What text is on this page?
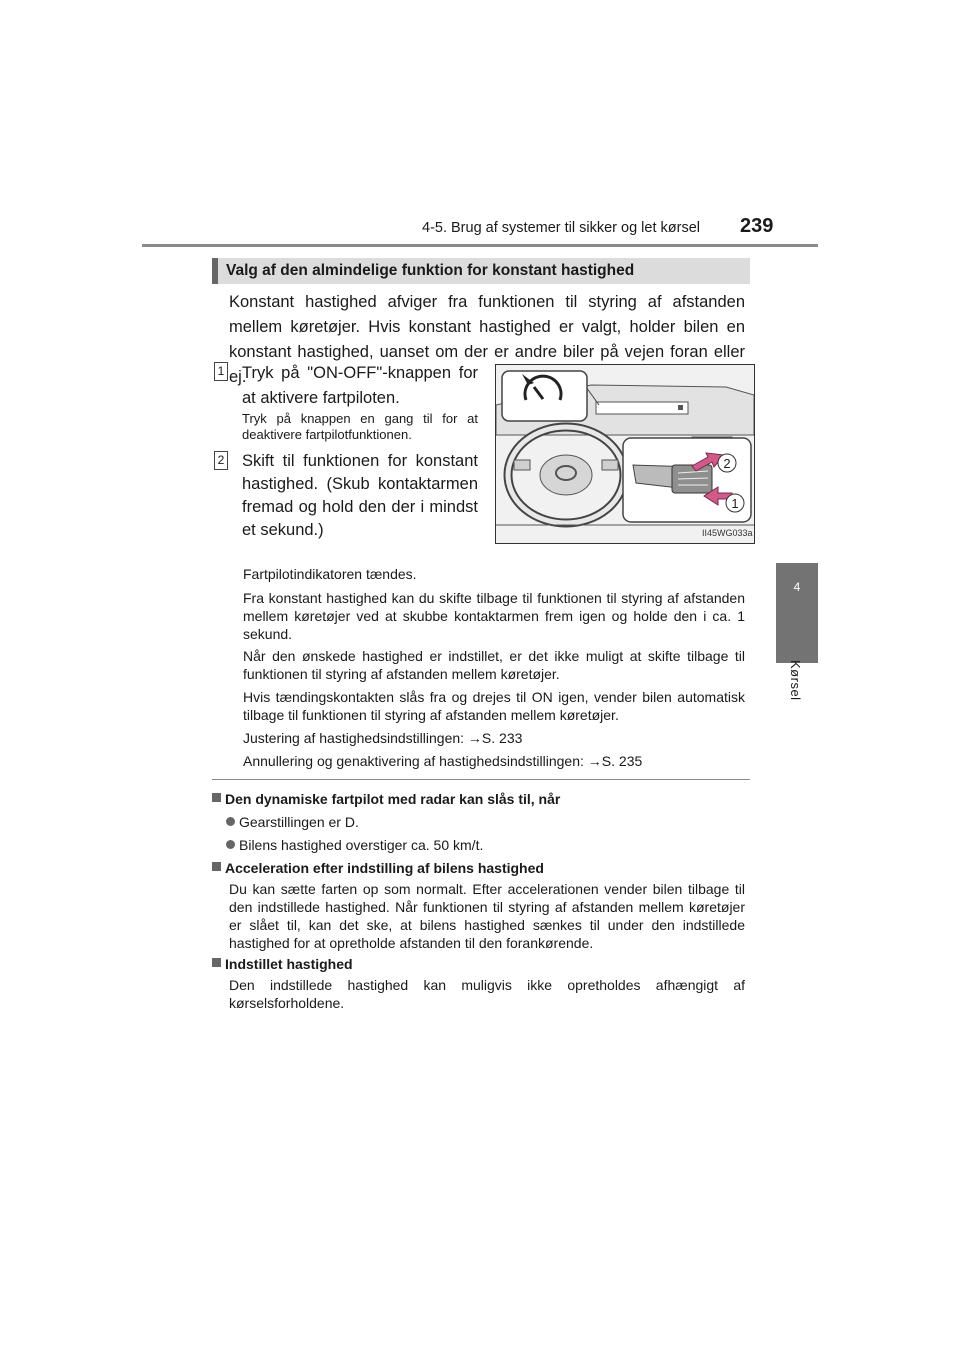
4-5. Brug af systemer til sikker og let kørsel 239
4
Kørsel
Valg af den almindelige funktion for konstant hastighed
Konstant hastighed afviger fra funktionen til styring af afstanden mellem køretøjer. Hvis konstant hastighed er valgt, holder bilen en konstant hastighed, uanset om der er andre biler på vejen foran eller ej.
1 Tryk på "ON-OFF"-knappen for at aktivere fartpiloten.
Tryk på knappen en gang til for at deaktivere fartpilotfunktionen.
2 Skift til funktionen for konstant hastighed. (Skub kontaktarmen fremad og hold den der i mindst et sekund.)
2
1
II45WG033a
Fartpilotindikatoren tændes.
Fra konstant hastighed kan du skifte tilbage til funktionen til styring af afstanden mellem køretøjer ved at skubbe kontaktarmen frem igen og holde den i ca. 1 sekund.
Når den ønskede hastighed er indstillet, er det ikke muligt at skifte tilbage til funktionen til styring af afstanden mellem køretøjer.
Hvis tændingskontakten slås fra og drejes til ON igen, vender bilen automatisk tilbage til funktionen til styring af afstanden mellem køretøjer.
Justering af hastighedsindstillingen: →S. 233
Annullering og genaktivering af hastighedsindstillingen: →S. 235
Den dynamiske fartpilot med radar kan slås til, når
Gearstillingen er D.
Bilens hastighed overstiger ca. 50 km/t.
Acceleration efter indstilling af bilens hastighed
Du kan sætte farten op som normalt. Efter accelerationen vender bilen tilbage til den indstillede hastighed. Når funktionen til styring af afstanden mellem køretøjer er slået til, kan det ske, at bilens hastighed sænkes til under den indstillede hastighed for at opretholde afstanden til den forankørende.
Indstillet hastighed
Den indstillede hastighed kan muligvis ikke opretholdes afhængigt af kørselsforholdene.
